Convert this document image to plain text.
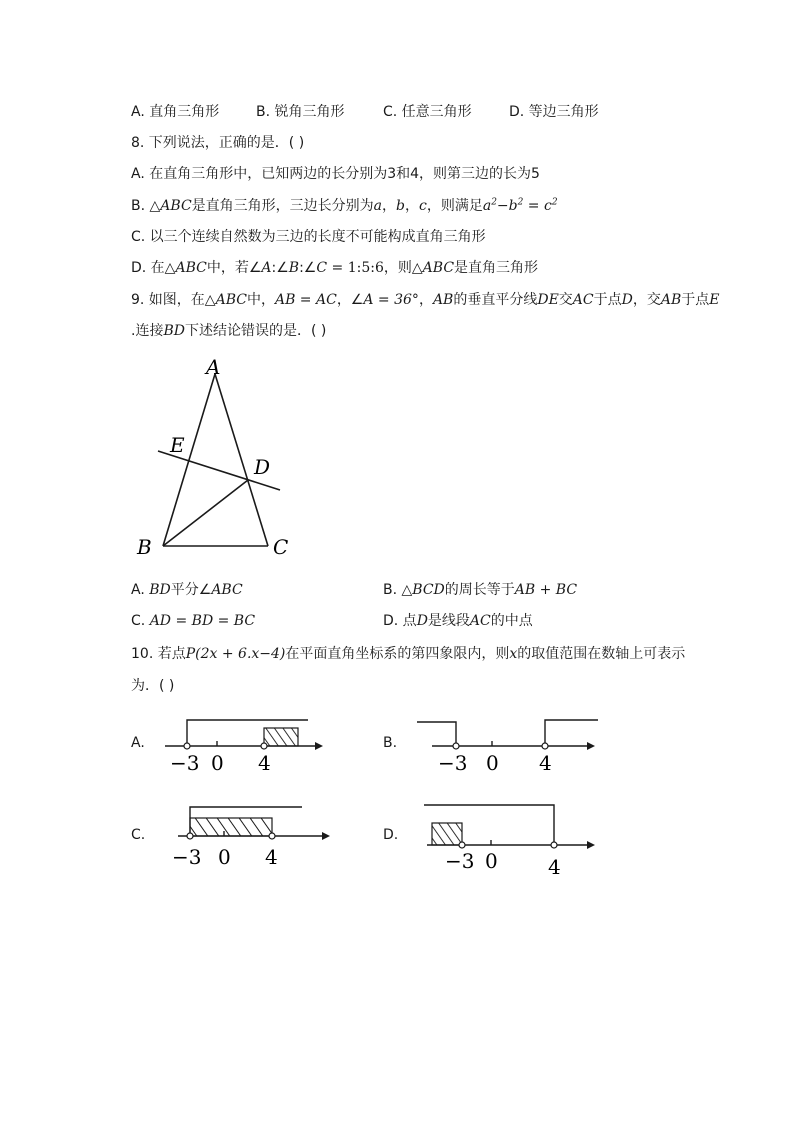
A. 直角三角形	B. 锐角三角形	C. 任意三角形	D. 等边三角形
8. 下列说法，正确的是．( )
A. 在直角三角形中，已知两边的长分别为3和4，则第三边的长为5
B. △ABC是直角三角形，三边长分别为a，b，c，则满足$a^2-b^2 = c^2$
C. 以三个连续自然数为三边的长度不可能构成直角三角形
D. 在△ABC中，若∠A:∠B:∠C = 1:5:6，则△ABC是直角三角形
9. 如图，在△ABC中，AB = AC，∠A = 36°，AB的垂直平分线DE交AC于点D，交AB于点E
.连接BD下述结论错误的是．( )
A
E
D
B	C
A. BD平分∠ABC	B. △BCD的周长等于AB + BC
C. AD = BD = BC	D. 点D是线段AC的中点
10. 若点P(2x + 6.x−4)在平面直角坐标系的第四象限内，则x的取值范围在数轴上可表示
为．( )
A.
−3 0 4
B.
−3 0 4
C.
−3 0 4
D.
−3 0	4
